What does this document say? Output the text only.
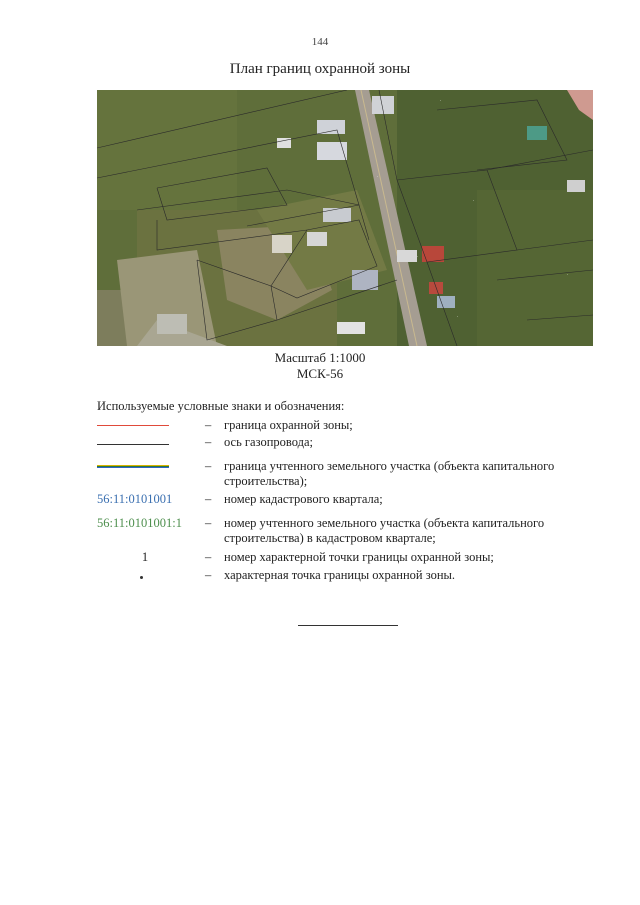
144
План границ охранной зоны
·
·
·
·
·
·
Масштаб 1:1000
МСК-56
Используемые условные знаки и обозначения:
– граница охранной зоны;
– ось газопровода;
– граница учтенного земельного участка (объекта капитального строительства);
56:11:0101001	– номер кадастрового квартала;
56:11:0101001:1	– номер учтенного земельного участка (объекта капитального строительства) в кадастровом квартале;
1	– номер характерной точки границы охранной зоны;
– характерная точка границы охранной зоны.
